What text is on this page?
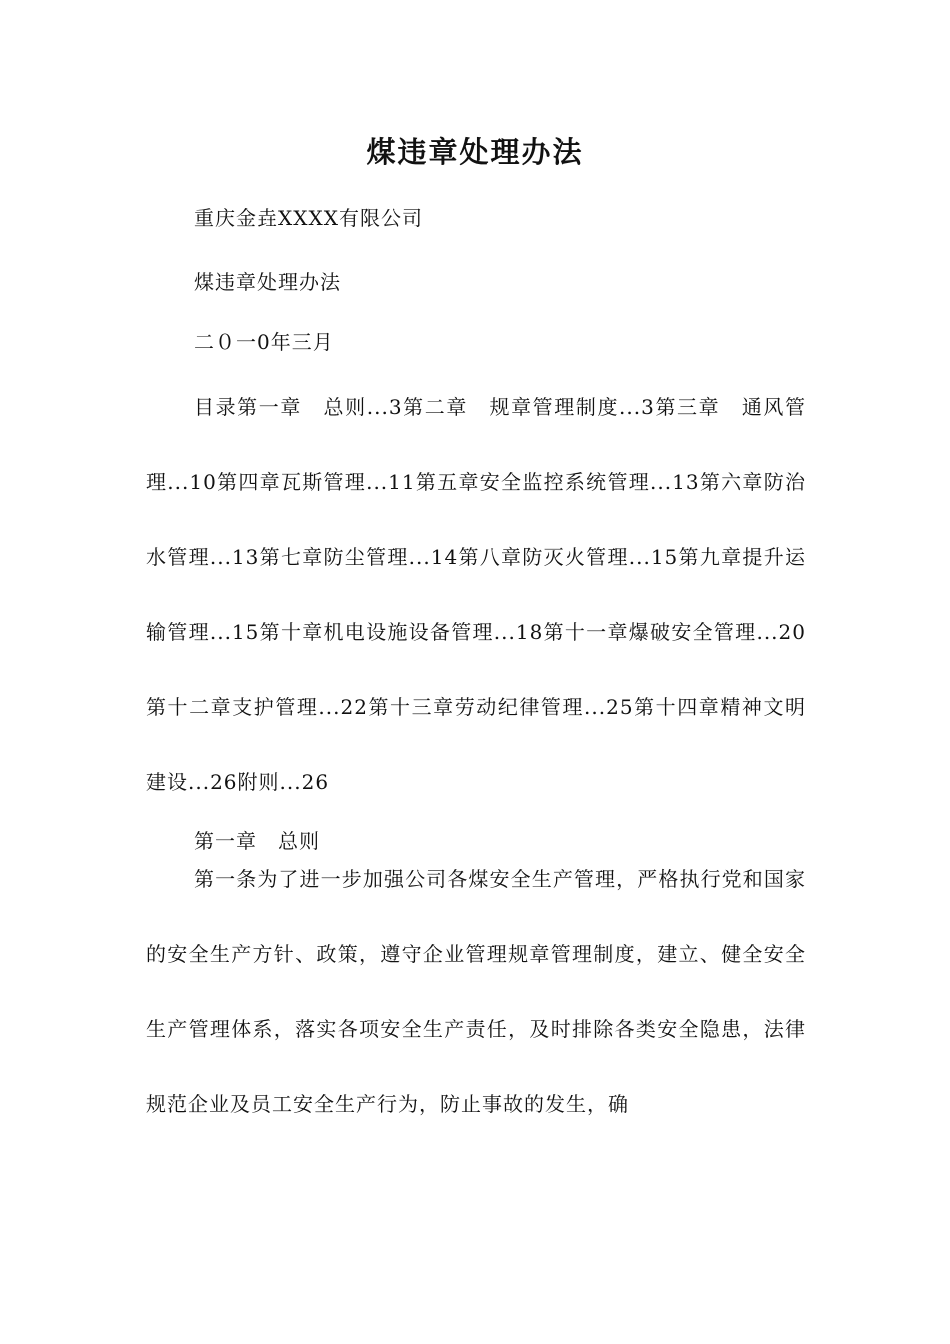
煤违章处理办法
重庆金垚XXXX有限公司
煤违章处理办法
二０一0年三月
目录第一章　总则...3第二章　规章管理制度...3第三章　通风管理...10第四章瓦斯管理...11第五章安全监控系统管理...13第六章防治水管理...13第七章防尘管理...14第八章防灭火管理...15第九章提升运输管理...15第十章机电设施设备管理...18第十一章爆破安全管理...20第十二章支护管理...22第十三章劳动纪律管理...25第十四章精神文明建设...26附则...26
第一章　总则
第一条为了进一步加强公司各煤安全生产管理，严格执行党和国家的安全生产方针、政策，遵守企业管理规章管理制度，建立、健全安全生产管理体系，落实各项安全生产责任，及时排除各类安全隐患，法律规范企业及员工安全生产行为，防止事故的发生，确
